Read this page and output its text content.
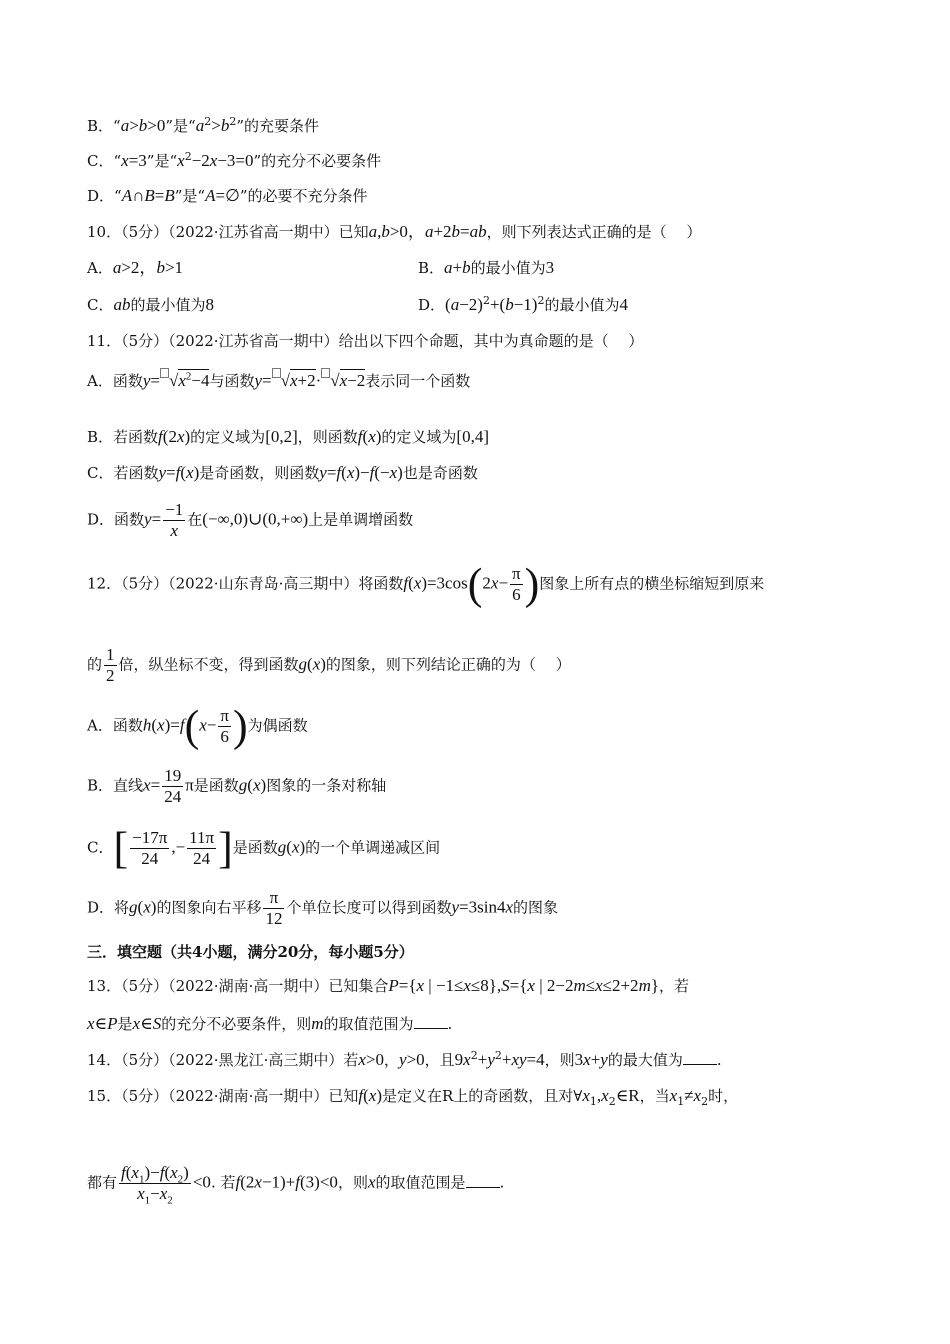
B．“a>b>0”是“$a^2>b^2$”的充要条件
C．“x=3”是“$x^2-2x-3=0$”的充分不必要条件
D．“A∩B=B”是“A=∅”的必要不充分条件
10．（5分）（2022·江苏省高一期中）已知a,b>0，a+2b=ab，则下列表达式正确的是（　 ）
A．a>2，b>1	B．a+b的最小值为3
C．ab的最小值为8	D．$(a-2)^2+(b-1)^2$的最小值为4
11．（5分）（2022·江苏省高一期中）给出以下四个命题，其中为真命题的是（　 ）
A．函数$y= √x^2-4$与函数y= √x+2· √x−2表示同一个函数
B．若函数f(2x)的定义域为[0,2]，则函数f(x)的定义域为[0,4]
C．若函数y=f(x)是奇函数，则函数y=f(x)−f(−x)也是奇函数
D．函数$y= \frac{-1}{x}$ 在(−∞,0)∪(0,+∞)上是单调增函数
12．（5分）（2022·山东青岛·高三期中）将函数$f(x)=3\cos(2x- \frac{\pi}{6}$ )图象上所有点的横坐标缩短到原来
的 $\frac{1}{2}$ 倍，纵坐标不变，得到函数g(x)的图象，则下列结论正确的为（　 ）
A．函数$h(x)=f(x- \frac{\pi}{6}$ )为偶函数
B．直线$x= \frac{19}{24}$ π是函数g(x)图象的一条对称轴
C．[ $\frac{-17\pi}{24}$ ,− $\frac{11\pi}{24}$ ]是函数g(x)的一个单调递减区间
D．将g(x)的图象向右平移 $\frac{\pi}{12}$ 个单位长度可以得到函数y=3sin4x的图象
三．填空题（共4小题，满分20分，每小题5分）
13．（5分）（2022·湖南·高一期中）已知集合P={x | −1≤x≤8},S={x | 2−2m≤x≤2+2m}，若
x∈P是x∈S的充分不必要条件，则m的取值范围为 .
14．（5分）（2022·黑龙江·高三期中）若x>0，y>0，且$9x^2+y^2+xy=4$，则3x+y的最大值为 .
15．（5分）（2022·湖南·高一期中）已知f(x)是定义在R上的奇函数，且对$\forall x_1,x_2\in R$，当$x_1\ne x_2$时，
都有 $\frac{f(x_1)-f(x_2)}{x_1-x_2} <0$. 若f(2x−1)+f(3)<0，则x的取值范围是 .
